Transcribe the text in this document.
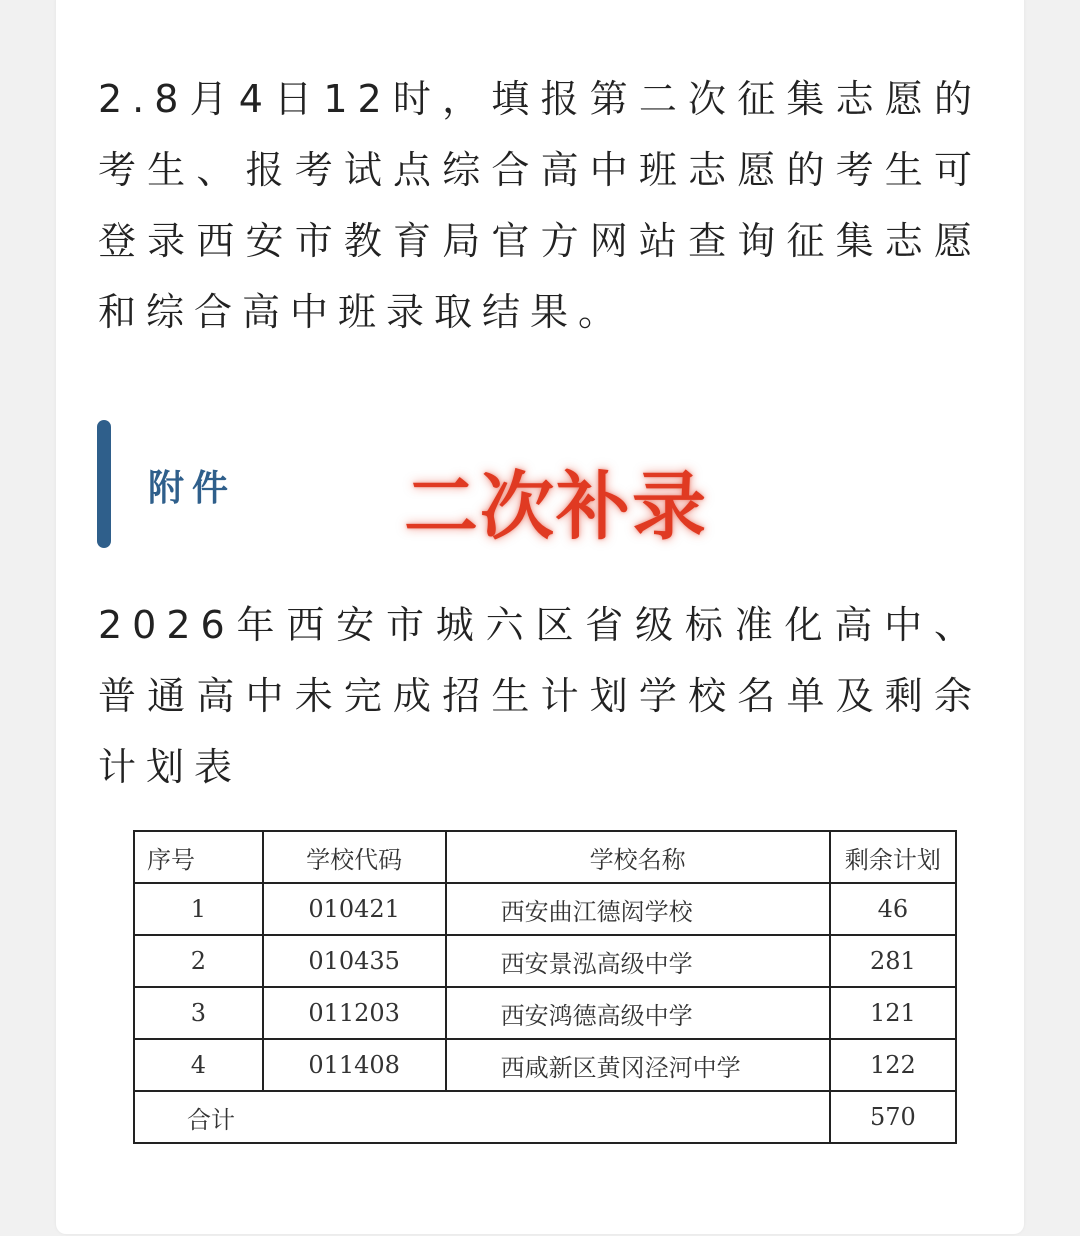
2.8月4日12时，填报第二次征集志愿的考生、报考试点综合高中班志愿的考生可登录西安市教育局官方网站查询征集志愿和综合高中班录取结果。

附件 二次补录

2026年西安市城六区省级标准化高中、普通高中未完成招生计划学校名单及剩余计划表

序号	学校代码	学校名称	剩余计划
1	010421	西安曲江德闳学校	46
2	010435	西安景泓高级中学	281
3	011203	西安鸿德高级中学	121
4	011408	西咸新区黄冈泾河中学	122
合计			570
